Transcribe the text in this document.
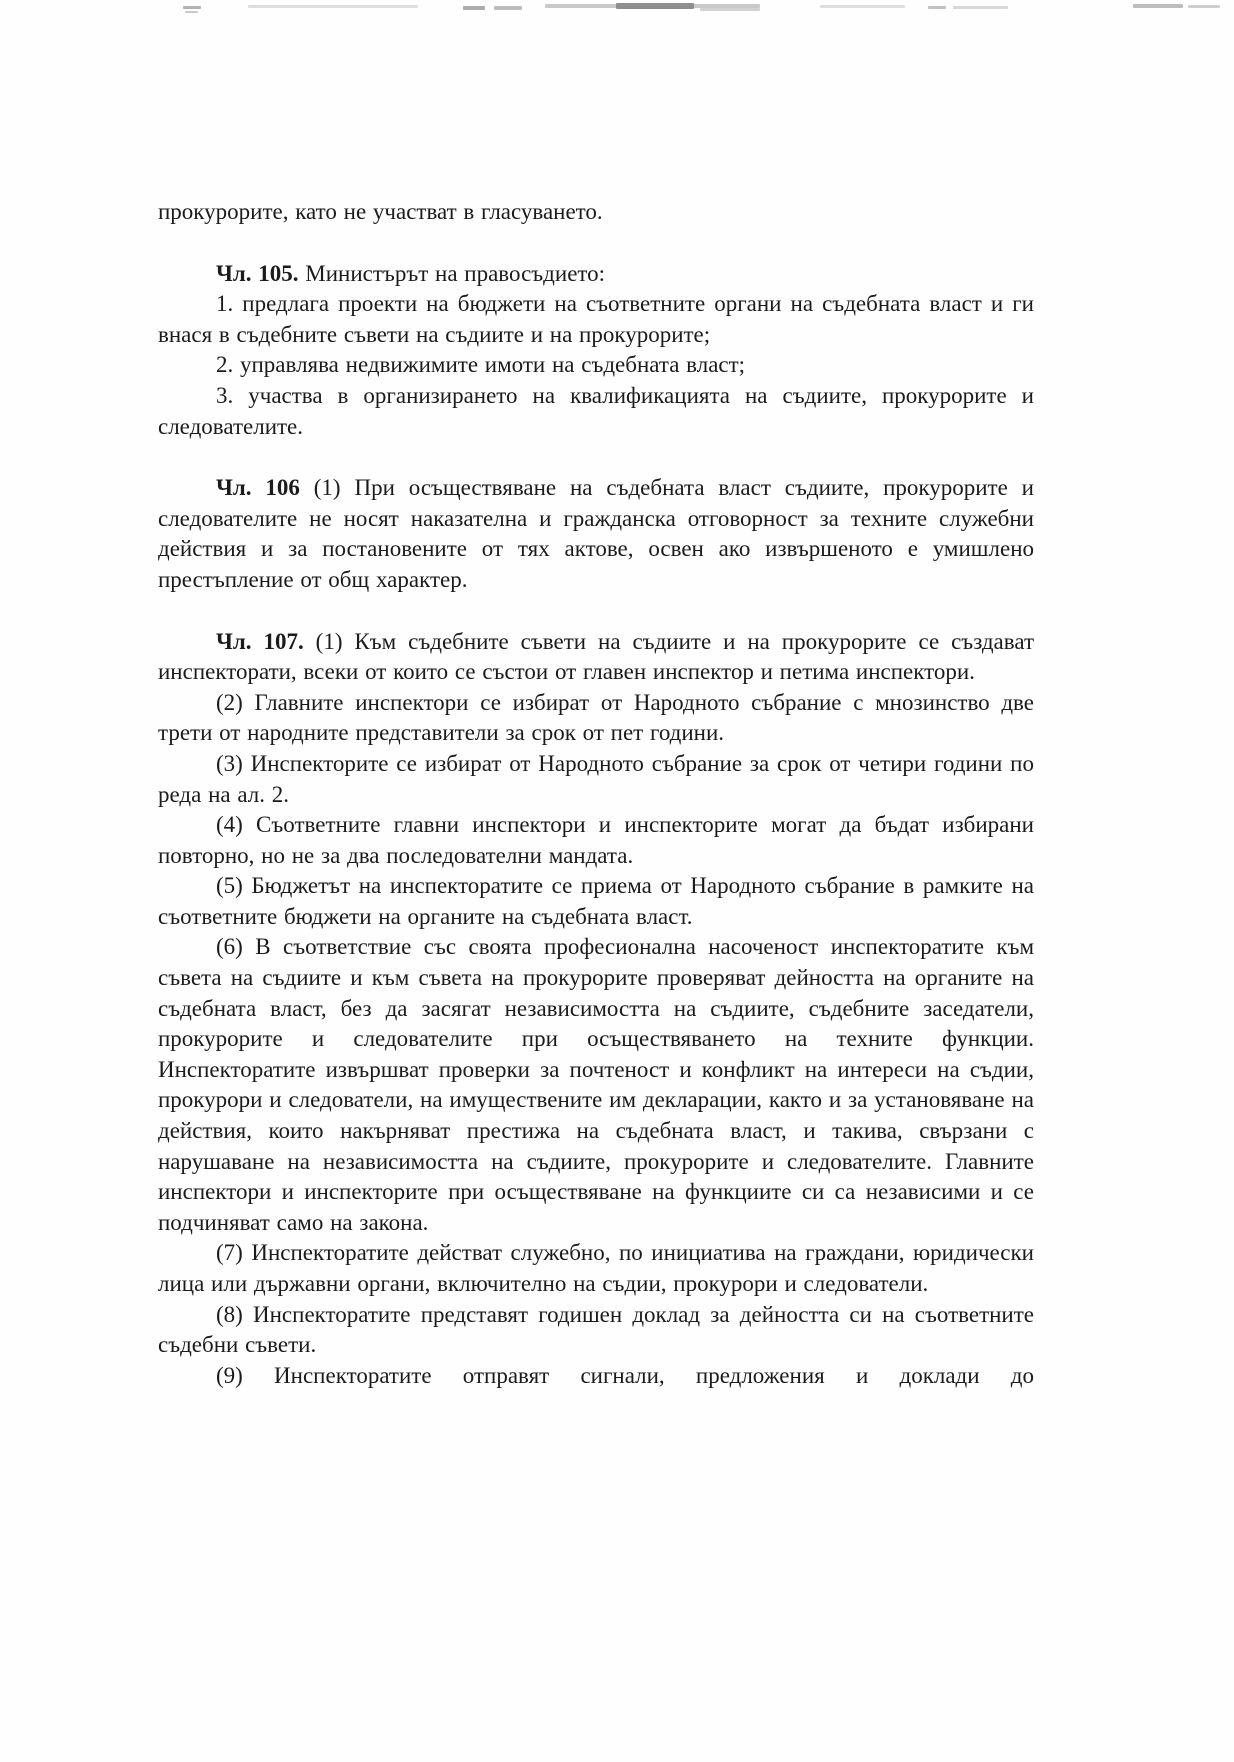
прокурорите, като не участват в гласуването.

Чл. 105. Министърът на правосъдието:

1. предлага проекти на бюджети на съответните органи на съдебната власт и ги внася в съдебните съвети на съдиите и на прокурорите;

2. управлява недвижимите имоти на съдебната власт;

3. участва в организирането на квалификацията на съдиите, прокурорите и следователите.

Чл. 106 (1) При осъществяване на съдебната власт съдиите, прокурорите и следователите не носят наказателна и гражданска отговорност за техните служебни действия и за постановените от тях актове, освен ако извършеното е умишлено престъпление от общ характер.

Чл. 107. (1) Към съдебните съвети на съдиите и на прокурорите се създават инспекторати, всеки от които се състои от главен инспектор и петима инспектори.

(2) Главните инспектори се избират от Народното събрание с мнозинство две трети от народните представители за срок от пет години.

(3) Инспекторите се избират от Народното събрание за срок от четири години по реда на ал. 2.

(4) Съответните главни инспектори и инспекторите могат да бъдат избирани повторно, но не за два последователни мандата.

(5) Бюджетът на инспекторатите се приема от Народното събрание в рамките на съответните бюджети на органите на съдебната власт.

(6) В съответствие със своята професионална насоченост инспекторатите към съвета на съдиите и към съвета на прокурорите проверяват дейността на органите на съдебната власт, без да засягат независимостта на съдиите, съдебните заседатели, прокурорите и следователите при осъществяването на техните функции. Инспекторатите извършват проверки за почтеност и конфликт на интереси на съдии, прокурори и следователи, на имуществените им декларации, както и за установяване на действия, които накърняват престижа на съдебната власт, и такива, свързани с нарушаване на независимостта на съдиите, прокурорите и следователите. Главните инспектори и инспекторите при осъществяване на функциите си са независими и се подчиняват само на закона.

(7) Инспекторатите действат служебно, по инициатива на граждани, юридически лица или държавни органи, включително на съдии, прокурори и следователи.

(8) Инспекторатите представят годишен доклад за дейността си на съответните съдебни съвети.

(9) Инспекторатите отправят сигнали, предложения и доклади до
